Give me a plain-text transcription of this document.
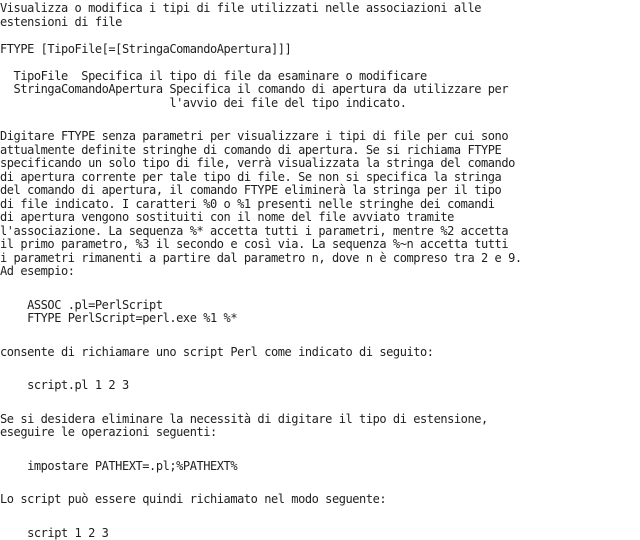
Visualizza o modifica i tipi di file utilizzati nelle associazioni alle
estensioni di file
FTYPE [TipoFile[=[StringaComandoApertura]]]
TipoFile  Specifica il tipo di file da esaminare o modificare
StringaComandoApertura Specifica il comando di apertura da utilizzare per
l'avvio dei file del tipo indicato.
Digitare FTYPE senza parametri per visualizzare i tipi di file per cui sono
attualmente definite stringhe di comando di apertura. Se si richiama FTYPE
specificando un solo tipo di file, verrà visualizzata la stringa del comando
di apertura corrente per tale tipo di file. Se non si specifica la stringa
del comando di apertura, il comando FTYPE eliminerà la stringa per il tipo
di file indicato. I caratteri %0 o %1 presenti nelle stringhe dei comandi
di apertura vengono sostituiti con il nome del file avviato tramite
l'associazione. La sequenza %* accetta tutti i parametri, mentre %2 accetta
il primo parametro, %3 il secondo e così via. La sequenza %~n accetta tutti
i parametri rimanenti a partire dal parametro n, dove n è compreso tra 2 e 9.
Ad esempio:
ASSOC .pl=PerlScript
FTYPE PerlScript=perl.exe %1 %*
consente di richiamare uno script Perl come indicato di seguito:
script.pl 1 2 3
Se si desidera eliminare la necessità di digitare il tipo di estensione,
eseguire le operazioni seguenti:
impostare PATHEXT=.pl;%PATHEXT%
Lo script può essere quindi richiamato nel modo seguente:
script 1 2 3
